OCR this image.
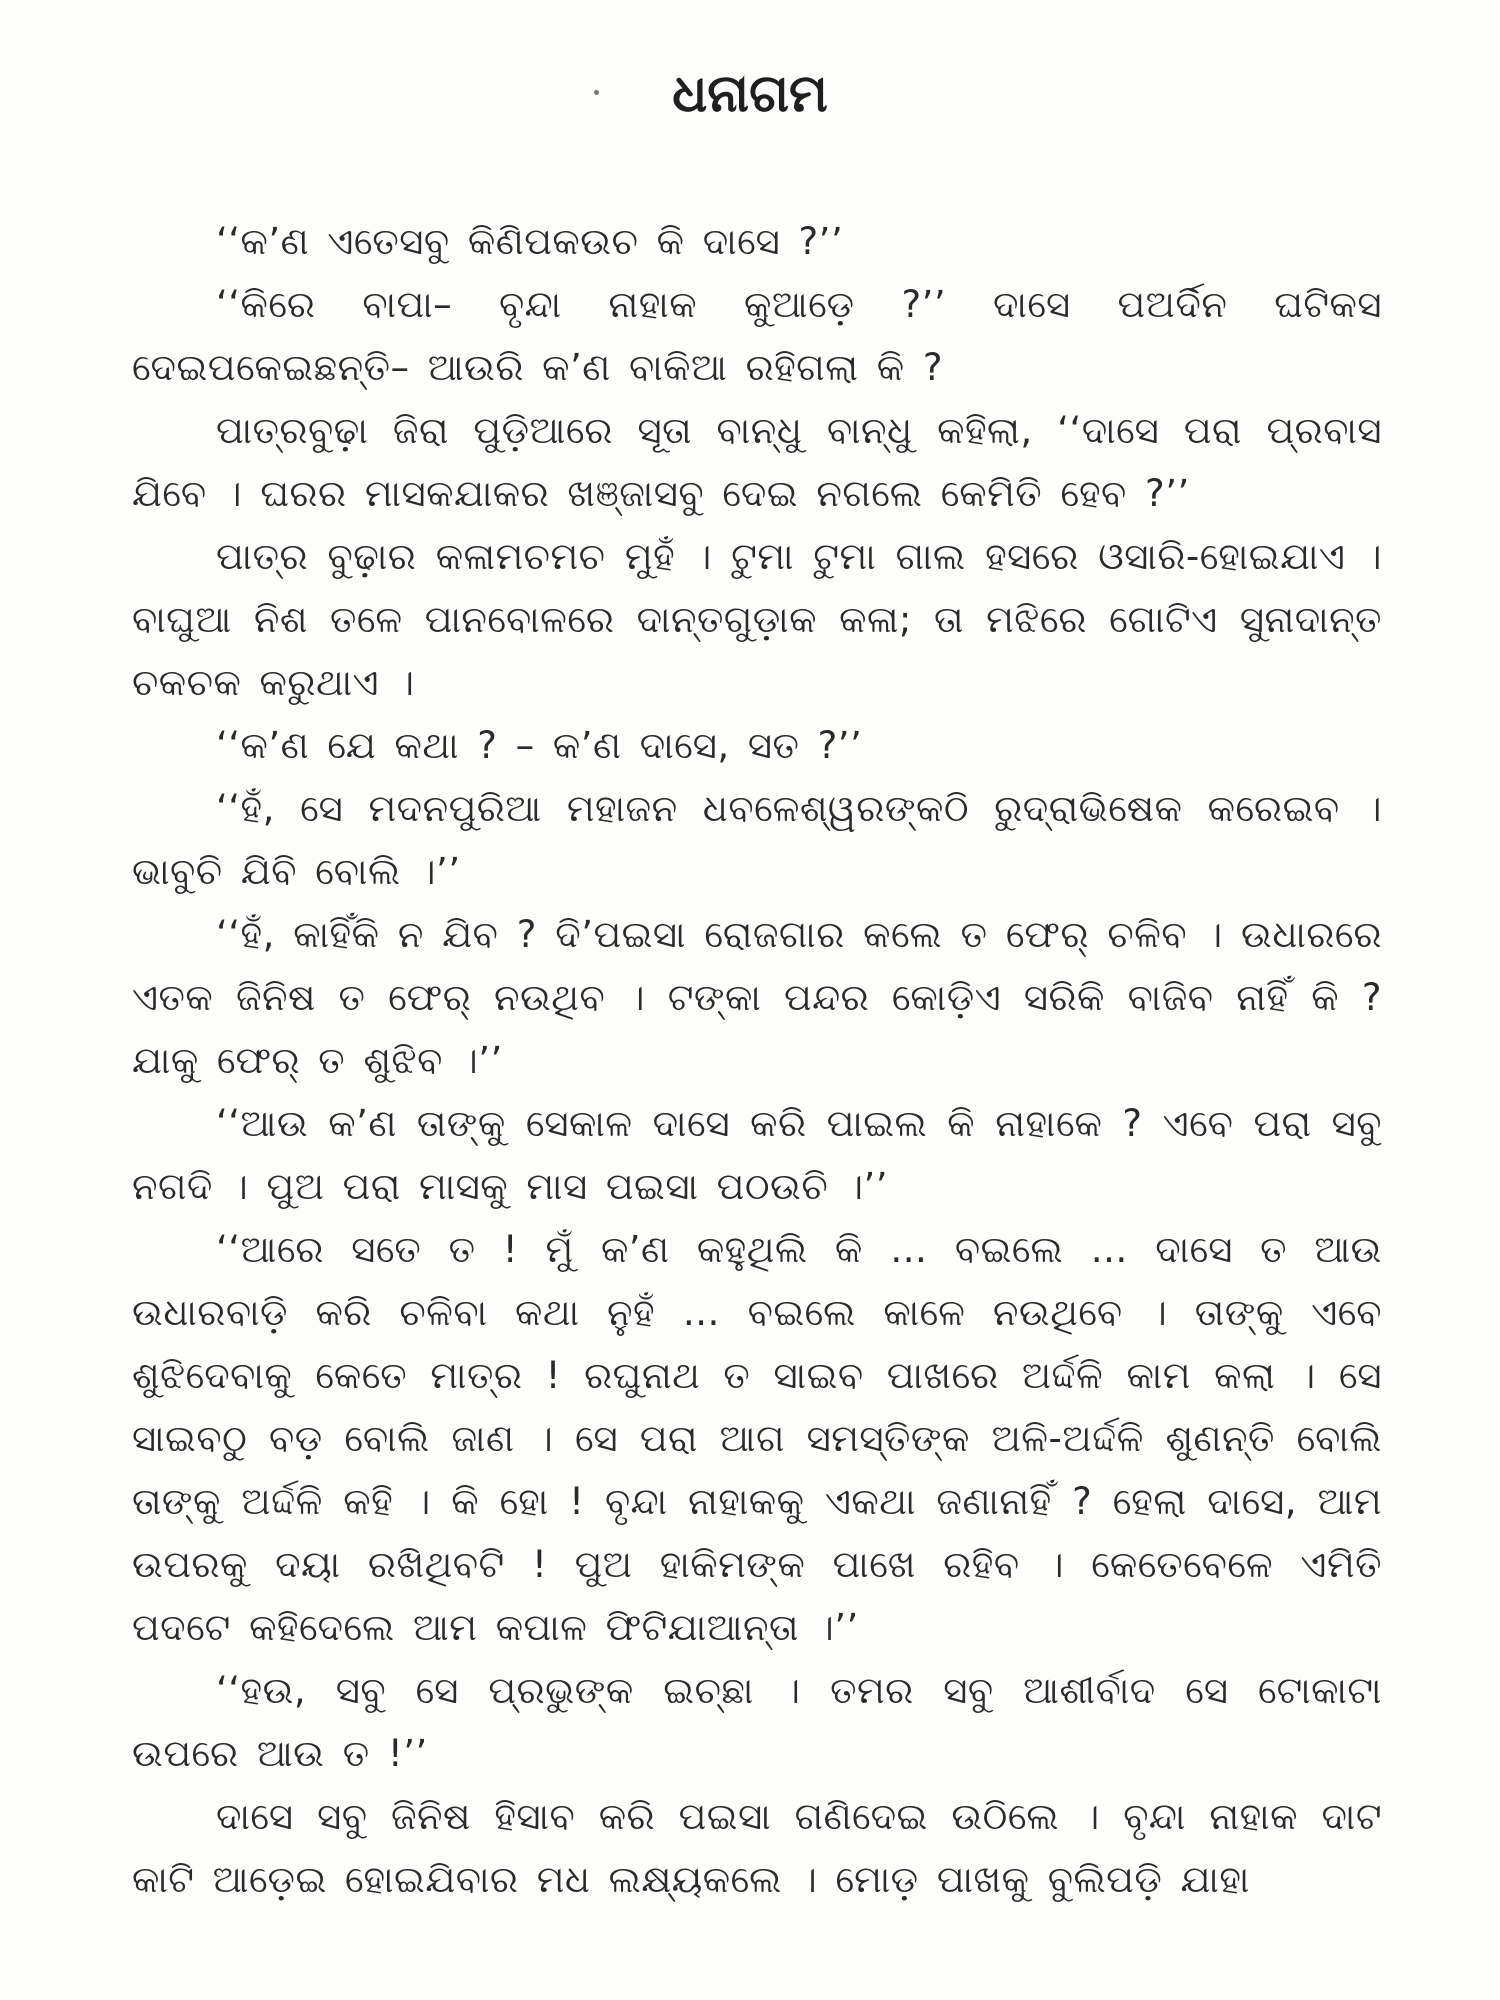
ଧନାଗମ

‘‘କ’ଣ ଏତେସବୁ କିଣିପକଉଚ କି ଦାସେ ?’’

‘‘କିରେ ବାପା– ବୃନ୍ଦା ନାହାକ କୁଆଡ଼େ ?’’ ଦାସେ ପଅର୍ଦିନ ଘଟିକସ ଦେଇପକେଇଛନ୍ତି– ଆଉରି କ’ଣ ବାକିଆ ରହିଗଲା କି ?

ପାତ୍ରବୁଢ଼ା ଜିରା ପୁଡ଼ିଆରେ ସୂତା ବାନ୍ଧୁ ବାନ୍ଧୁ କହିଲା, ‘‘ଦାସେ ପରା ପ୍ରବାସ ଯିବେ । ଘରର ମାସକଯାକର ଖଞ୍ଜାସବୁ ଦେଇ ନଗଲେ କେମିତି ହେବ ?’’

ପାତ୍ର ବୁଢ଼ାର କଳାମଚମଚ ମୁହଁ । ଟୁମା ଟୁମା ଗାଲ ହସରେ ଓସାରି-ହୋଇଯାଏ । ବାଘୁଆ ନିଶ ତଳେ ପାନବୋଳରେ ଦାନ୍ତଗୁଡ଼ାକ କଳା; ତା ମଝିରେ ଗୋଟିଏ ସୁନାଦାନ୍ତ ଚକଚକ କରୁଥାଏ ।

‘‘କ’ଣ ଯେ କଥା ? – କ’ଣ ଦାସେ, ସତ ?’’

‘‘ହଁ, ସେ ମଦନପୁରିଆ ମହାଜନ ଧବଳେଶ୍ୱରଙ୍କଠି ରୁଦ୍ରାଭିଷେକ କରେଇବ । ଭାବୁଚି ଯିବି ବୋଲି ।’’

‘‘ହଁ, କାହିଁକି ନ ଯିବ ? ଦି’ପଇସା ରୋଜଗାର କଲେ ତ ଫେର୍ ଚଳିବ । ଉଧାରରେ ଏତକ ଜିନିଷ ତ ଫେର୍ ନଉଥିବ । ଟଙ୍କା ପନ୍ଦର କୋଡ଼ିଏ ସରିକି ବାଜିବ ନାହିଁ କି ? ଯାକୁ ଫେର୍ ତ ଶୁଝିବ ।’’

‘‘ଆଉ କ’ଣ ତାଙ୍କୁ ସେକାଳ ଦାସେ କରି ପାଇଲ କି ନାହାକେ ? ଏବେ ପରା ସବୁ ନଗଦି । ପୁଅ ପରା ମାସକୁ ମାସ ପଇସା ପଠଉଚି ।’’

‘‘ଆରେ ସତେ ତ ! ମୁଁ କ’ଣ କହୁଥିଲି କି … ବଇଲେ … ଦାସେ ତ ଆଉ ଉଧାରବାଡ଼ି କରି ଚଳିବା କଥା ନୁହଁ … ବଇଲେ କାଳେ ନଉଥିବେ । ତାଙ୍କୁ ଏବେ ଶୁଝିଦେବାକୁ କେତେ ମାତ୍ର ! ରଘୁନାଥ ତ ସାଇବ ପାଖରେ ଅର୍ଦ୍ଦଳି କାମ କଲା । ସେ ସାଇବଠୁ ବଡ଼ ବୋଲି ଜାଣ । ସେ ପରା ଆଗ ସମସ୍ତିଙ୍କ ଅଳି-ଅର୍ଦ୍ଦଳି ଶୁଣନ୍ତି ବୋଲି ତାଙ୍କୁ ଅର୍ଦ୍ଦଳି କହି । କି ହୋ ! ବୃନ୍ଦା ନାହାକକୁ ଏକଥା ଜଣାନାହିଁ ? ହେଲା ଦାସେ, ଆମ ଉପରକୁ ଦୟା ରଖିଥିବଟି ! ପୁଅ ହାକିମଙ୍କ ପାଖେ ରହିବ । କେତେବେଳେ ଏମିତି ପଦଟେ କହିଦେଲେ ଆମ କପାଳ ଫିଟିଯାଆନ୍ତା ।’’

‘‘ହଉ, ସବୁ ସେ ପ୍ରଭୁଙ୍କ ଇଚ୍ଛା । ତମର ସବୁ ଆଶୀର୍ବାଦ ସେ ଟୋକାଟା ଉପରେ ଆଉ ତ !’’

ଦାସେ ସବୁ ଜିନିଷ ହିସାବ କରି ପଇସା ଗଣିଦେଇ ଉଠିଲେ । ବୃନ୍ଦା ନାହାକ ଦାଟ କାଟି ଆଡ଼େଇ ହୋଇଯିବାର ମଧ ଲକ୍ଷ୍ୟକଲେ । ମୋଡ଼ ପାଖକୁ ବୁଲିପଡ଼ି ଯାହା
